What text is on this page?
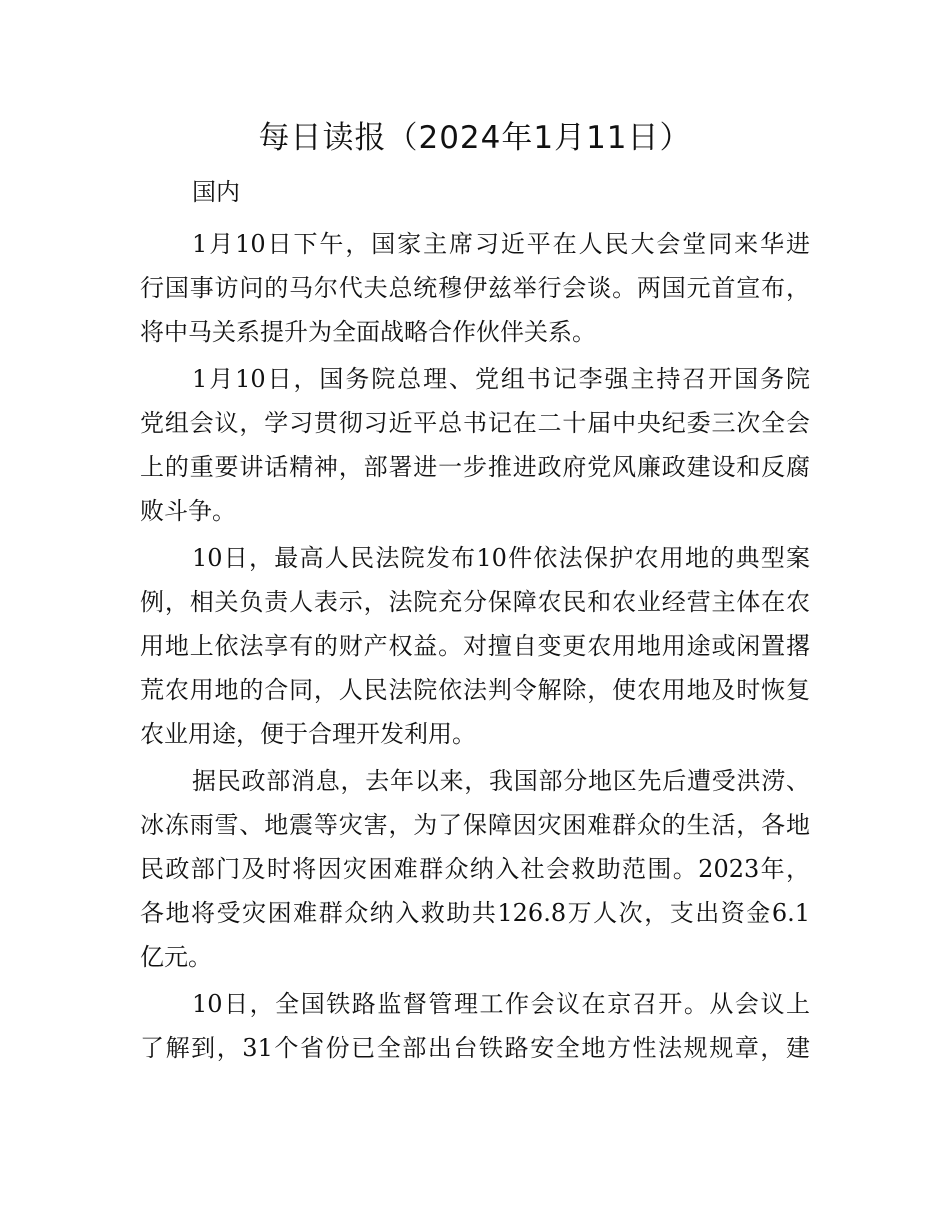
每日读报（2024年1月11日）
国内
1月10日下午，国家主席习近平在人民大会堂同来华进
行国事访问的马尔代夫总统穆伊兹举行会谈。两国元首宣布，
将中马关系提升为全面战略合作伙伴关系。
1月10日，国务院总理、党组书记李强主持召开国务院
党组会议，学习贯彻习近平总书记在二十届中央纪委三次全会
上的重要讲话精神，部署进一步推进政府党风廉政建设和反腐
败斗争。
10日，最高人民法院发布10件依法保护农用地的典型案
例，相关负责人表示，法院充分保障农民和农业经营主体在农
用地上依法享有的财产权益。对擅自变更农用地用途或闲置撂
荒农用地的合同，人民法院依法判令解除，使农用地及时恢复
农业用途，便于合理开发利用。
据民政部消息，去年以来，我国部分地区先后遭受洪涝、
冰冻雨雪、地震等灾害，为了保障因灾困难群众的生活，各地
民政部门及时将因灾困难群众纳入社会救助范围。2023年，
各地将受灾困难群众纳入救助共126.8万人次，支出资金6.1
亿元。
10日，全国铁路监督管理工作会议在京召开。从会议上
了解到，31个省份已全部出台铁路安全地方性法规规章，建
